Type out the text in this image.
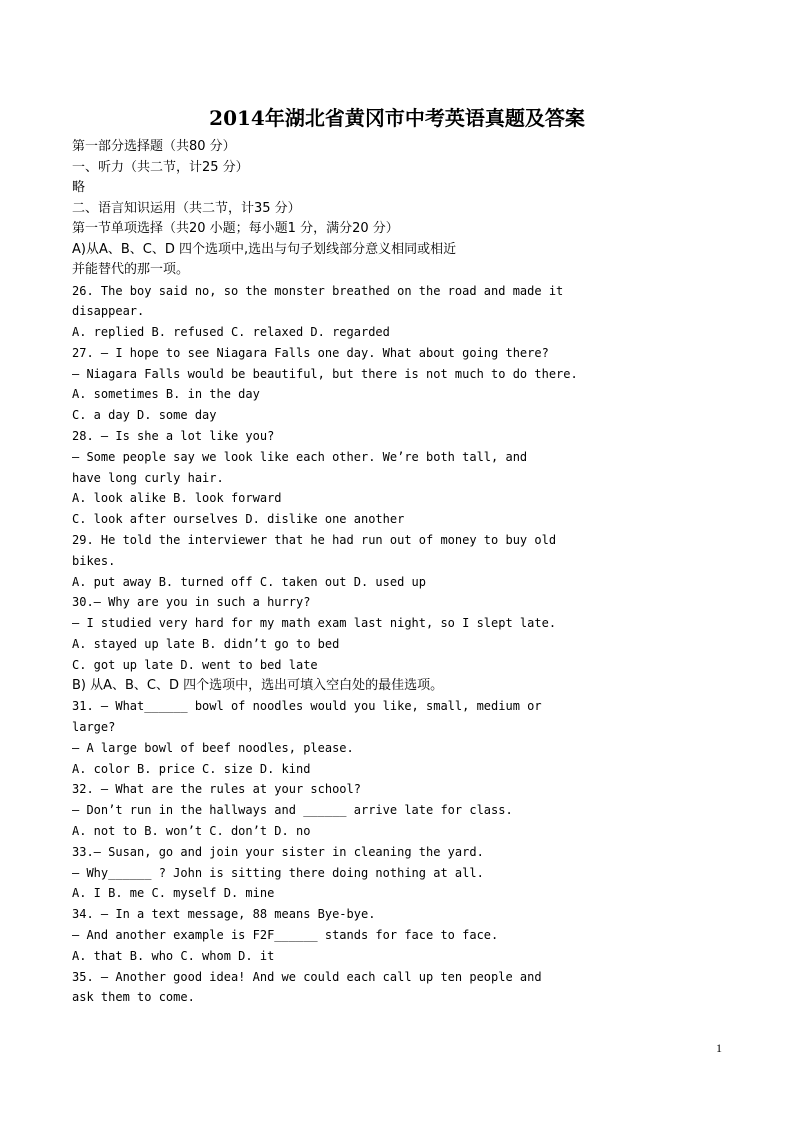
2014年湖北省黄冈市中考英语真题及答案
第一部分选择题（共80 分）
一、听力（共二节，计25 分）
略
二、语言知识运用（共二节，计35 分）
第一节单项选择（共20 小题；每小题1 分，满分20 分）
A)从A、B、C、D 四个选项中,选出与句子划线部分意义相同或相近
并能替代的那一项。
26. The boy said no, so the monster breathed on the road and made it
disappear.
A. replied B. refused C. relaxed D. regarded
27. – I hope to see Niagara Falls one day. What about going there?
– Niagara Falls would be beautiful, but there is not much to do there.
A. sometimes B. in the day
C. a day D. some day
28. – Is she a lot like you?
– Some people say we look like each other. We’re both tall, and
have long curly hair.
A. look alike B. look forward
C. look after ourselves D. dislike one another
29. He told the interviewer that he had run out of money to buy old
bikes.
A. put away B. turned off C. taken out D. used up
30.– Why are you in such a hurry?
– I studied very hard for my math exam last night, so I slept late.
A. stayed up late B. didn’t go to bed
C. got up late D. went to bed late
B) 从A、B、C、D 四个选项中，选出可填入空白处的最佳选项。
31. – What______ bowl of noodles would you like, small, medium or
large?
– A large bowl of beef noodles, please.
A. color B. price C. size D. kind
32. – What are the rules at your school?
– Don’t run in the hallways and ______ arrive late for class.
A. not to B. won’t C. don’t D. no
33.– Susan, go and join your sister in cleaning the yard.
– Why______ ? John is sitting there doing nothing at all.
A. I B. me C. myself D. mine
34. – In a text message, 88 means Bye-bye.
– And another example is F2F______ stands for face to face.
A. that B. who C. whom D. it
35. – Another good idea! And we could each call up ten people and
ask them to come.
1
